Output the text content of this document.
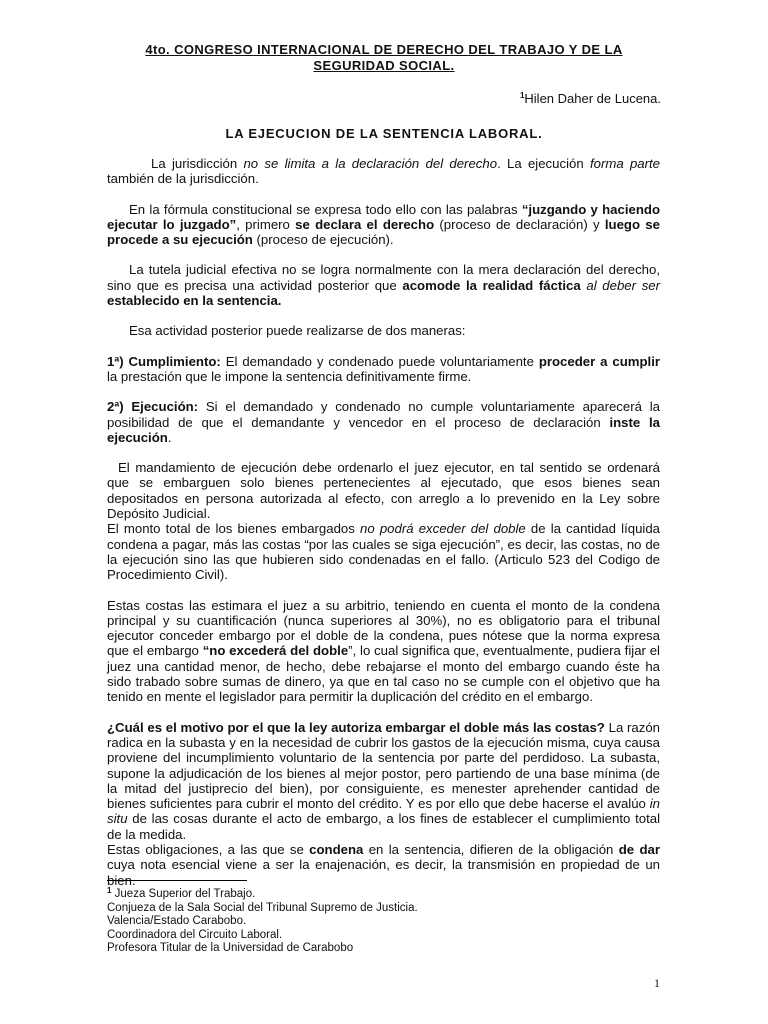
4to. CONGRESO INTERNACIONAL DE DERECHO DEL TRABAJO Y DE LA
SEGURIDAD SOCIAL.
$^1$Hilen Daher de Lucena.
LA EJECUCION DE LA SENTENCIA LABORAL.

La jurisdicción no se limita a la declaración del derecho. La ejecución forma parte también de la jurisdicción.

En la fórmula constitucional se expresa todo ello con las palabras “juzgando y haciendo ejecutar lo juzgado”, primero se declara el derecho (proceso de declaración) y luego se procede a su ejecución (proceso de ejecución).

La tutela judicial efectiva no se logra normalmente con la mera declaración del derecho, sino que es precisa una actividad posterior que acomode la realidad fáctica al deber ser establecido en la sentencia.

Esa actividad posterior puede realizarse de dos maneras:

1ª) Cumplimiento: El demandado y condenado puede voluntariamente proceder a cumplir la prestación que le impone la sentencia definitivamente firme.

2ª) Ejecución: Si el demandado y condenado no cumple voluntariamente aparecerá la posibilidad de que el demandante y vencedor en el proceso de declaración inste la ejecución.

El mandamiento de ejecución debe ordenarlo el juez ejecutor, en tal sentido se ordenará que se embarguen solo bienes pertenecientes al ejecutado, que esos bienes sean depositados en persona autorizada al efecto, con arreglo a lo prevenido en la Ley sobre Depósito Judicial.

El monto total de los bienes embargados no podrá exceder del doble de la cantidad líquida condena a pagar, más las costas “por las cuales se siga ejecución”, es decir, las costas, no de la ejecución sino las que hubieren sido condenadas en el fallo. (Articulo 523 del Codigo de Procedimiento Civil).

Estas costas las estimara el juez a su arbitrio, teniendo en cuenta el monto de la condena principal y su cuantificación (nunca superiores al 30%), no es obligatorio para el tribunal ejecutor conceder embargo por el doble de la condena, pues nótese que la norma expresa que el embargo “no excederá del doble”, lo cual significa que, eventualmente, pudiera fijar el juez una cantidad menor, de hecho, debe rebajarse el monto del embargo cuando éste ha sido trabado sobre sumas de dinero, ya que en tal caso no se cumple con el objetivo que ha tenido en mente el legislador para permitir la duplicación del crédito en el embargo.

¿Cuál es el motivo por el que la ley autoriza embargar el doble más las costas? La razón radica en la subasta y en la necesidad de cubrir los gastos de la ejecución misma, cuya causa proviene del incumplimiento voluntario de la sentencia por parte del perdidoso. La subasta, supone la adjudicación de los bienes al mejor postor, pero partiendo de una base mínima (de la mitad del justiprecio del bien), por consiguiente, es menester aprehender cantidad de bienes suficientes para cubrir el monto del crédito. Y es por ello que debe hacerse el avalúo in situ de las cosas durante el acto de embargo, a los fines de establecer el cumplimiento total de la medida.

Estas obligaciones, a las que se condena en la sentencia, difieren de la obligación de dar cuya nota esencial viene a ser la enajenación, es decir, la transmisión en propiedad de un bien.

$^1$ Jueza Superior del Trabajo.
Conjueza de la Sala Social del Tribunal Supremo de Justicia.
Valencia/Estado Carabobo.
Coordinadora del Circuito Laboral.
Profesora Titular de la Universidad de Carabobo
1
